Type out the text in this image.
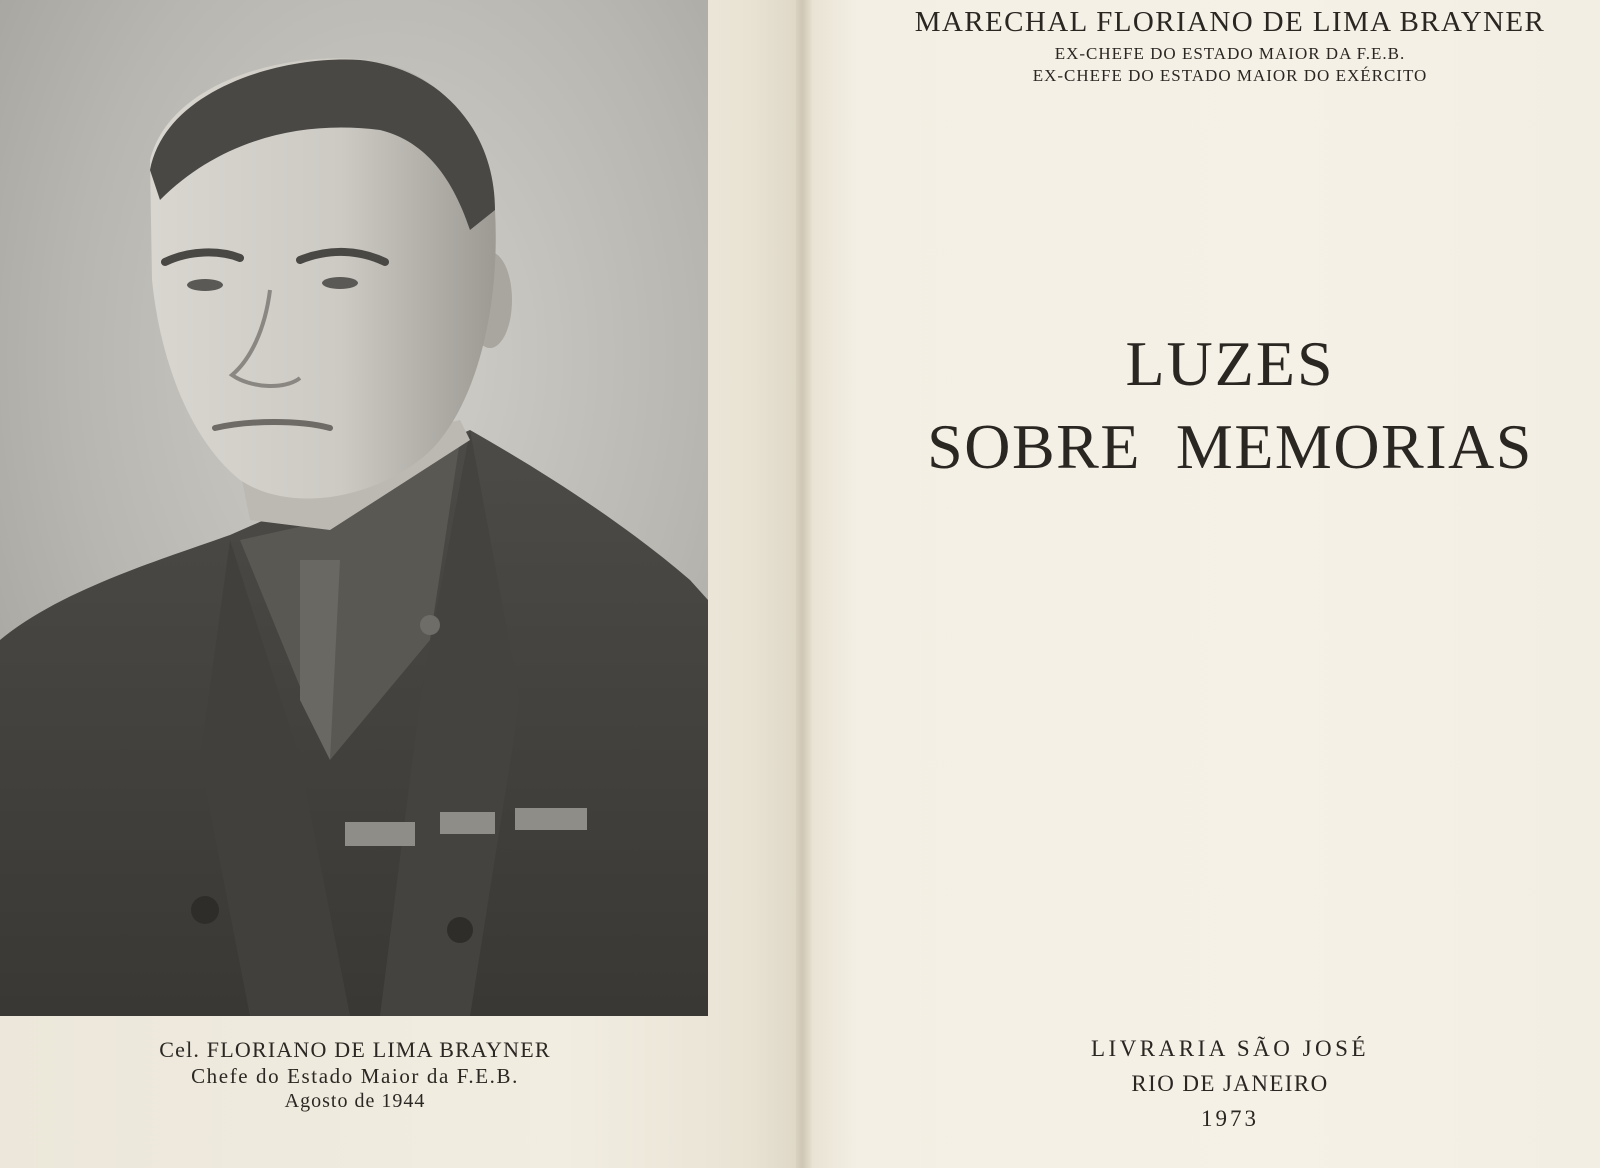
Cel. FLORIANO DE LIMA BRAYNER
Chefe do Estado Maior da F.E.B.
Agosto de 1944
MARECHAL FLORIANO DE LIMA BRAYNER
EX-CHEFE DO ESTADO MAIOR DA F.E.B.
EX-CHEFE DO ESTADO MAIOR DO EXÉRCITO
LUZES
SOBRE  MEMORIAS
LIVRARIA SÃO JOSÉ
RIO DE JANEIRO
1973
